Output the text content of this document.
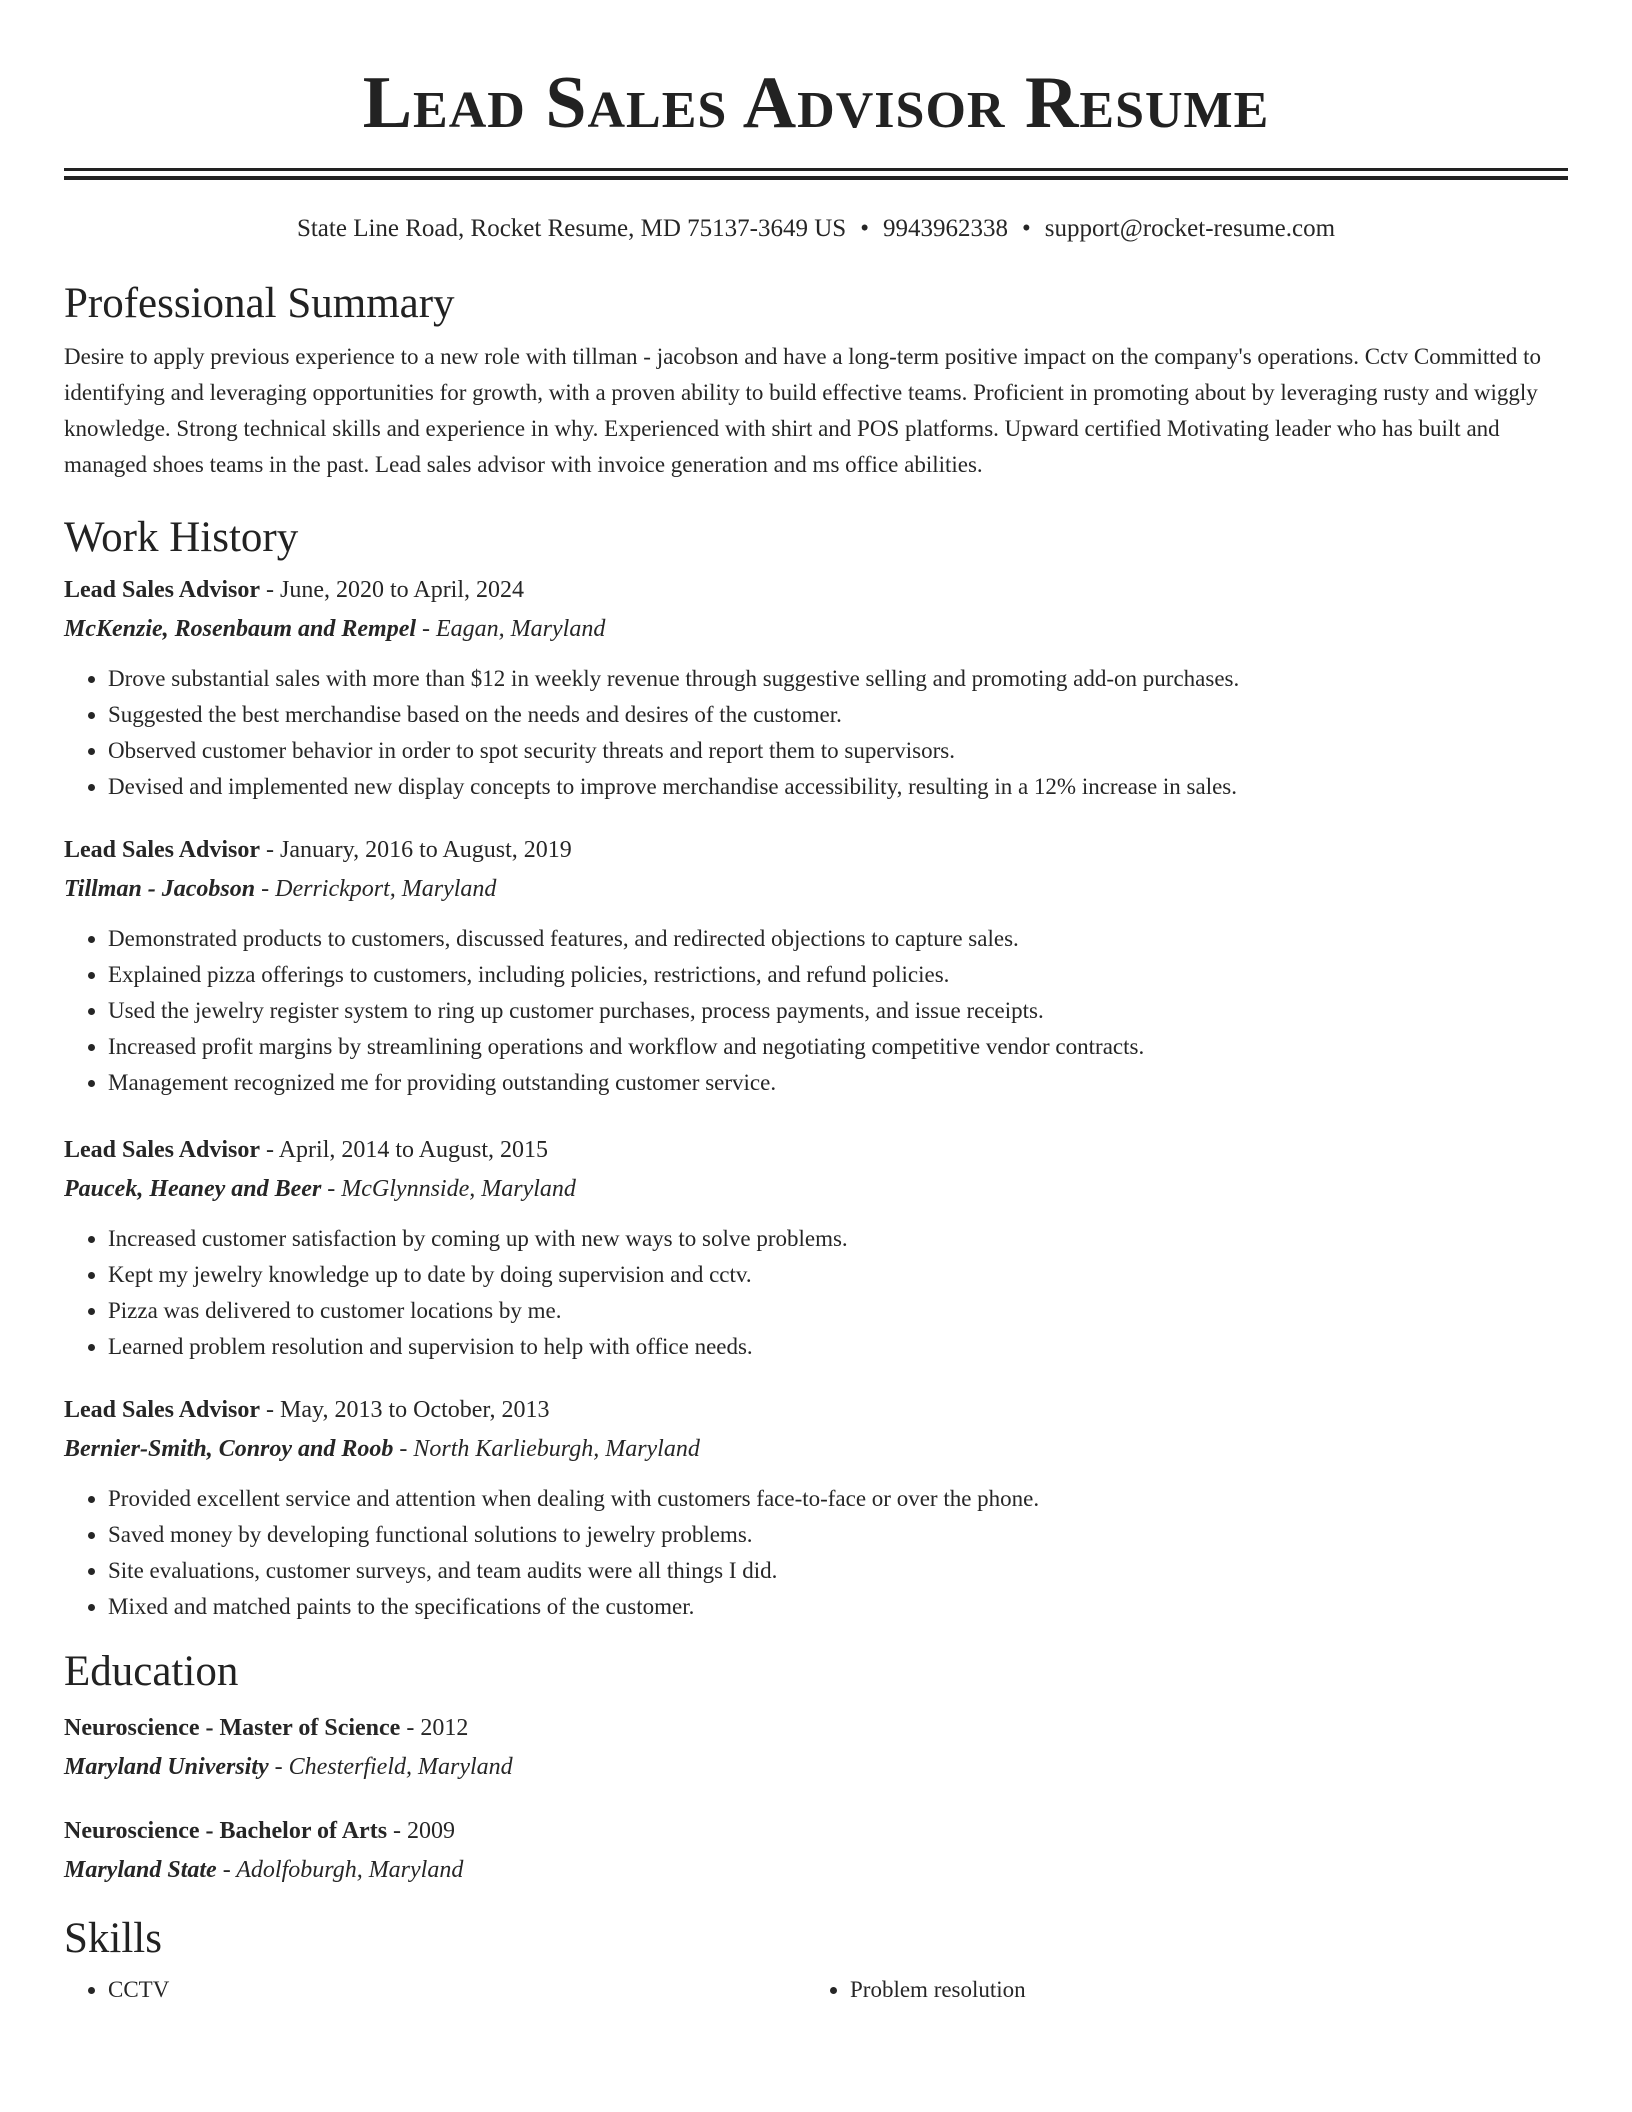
Lead Sales Advisor Resume
State Line Road, Rocket Resume, MD 75137-3649 US • 9943962338 • support@rocket-resume.com
Professional Summary
Desire to apply previous experience to a new role with tillman - jacobson and have a long-term positive impact on the company's operations. Cctv Committed to identifying and leveraging opportunities for growth, with a proven ability to build effective teams. Proficient in promoting about by leveraging rusty and wiggly knowledge. Strong technical skills and experience in why. Experienced with shirt and POS platforms. Upward certified Motivating leader who has built and managed shoes teams in the past. Lead sales advisor with invoice generation and ms office abilities.
Work History
Lead Sales Advisor - June, 2020 to April, 2024
McKenzie, Rosenbaum and Rempel - Eagan, Maryland
• Drove substantial sales with more than $12 in weekly revenue through suggestive selling and promoting add-on purchases.
• Suggested the best merchandise based on the needs and desires of the customer.
• Observed customer behavior in order to spot security threats and report them to supervisors.
• Devised and implemented new display concepts to improve merchandise accessibility, resulting in a 12% increase in sales.
Lead Sales Advisor - January, 2016 to August, 2019
Tillman - Jacobson - Derrickport, Maryland
• Demonstrated products to customers, discussed features, and redirected objections to capture sales.
• Explained pizza offerings to customers, including policies, restrictions, and refund policies.
• Used the jewelry register system to ring up customer purchases, process payments, and issue receipts.
• Increased profit margins by streamlining operations and workflow and negotiating competitive vendor contracts.
• Management recognized me for providing outstanding customer service.
Lead Sales Advisor - April, 2014 to August, 2015
Paucek, Heaney and Beer - McGlynnside, Maryland
• Increased customer satisfaction by coming up with new ways to solve problems.
• Kept my jewelry knowledge up to date by doing supervision and cctv.
• Pizza was delivered to customer locations by me.
• Learned problem resolution and supervision to help with office needs.
Lead Sales Advisor - May, 2013 to October, 2013
Bernier-Smith, Conroy and Roob - North Karlieburgh, Maryland
• Provided excellent service and attention when dealing with customers face-to-face or over the phone.
• Saved money by developing functional solutions to jewelry problems.
• Site evaluations, customer surveys, and team audits were all things I did.
• Mixed and matched paints to the specifications of the customer.
Education
Neuroscience - Master of Science - 2012
Maryland University - Chesterfield, Maryland
Neuroscience - Bachelor of Arts - 2009
Maryland State - Adolfoburgh, Maryland
Skills
• CCTV
•	Problem resolution
